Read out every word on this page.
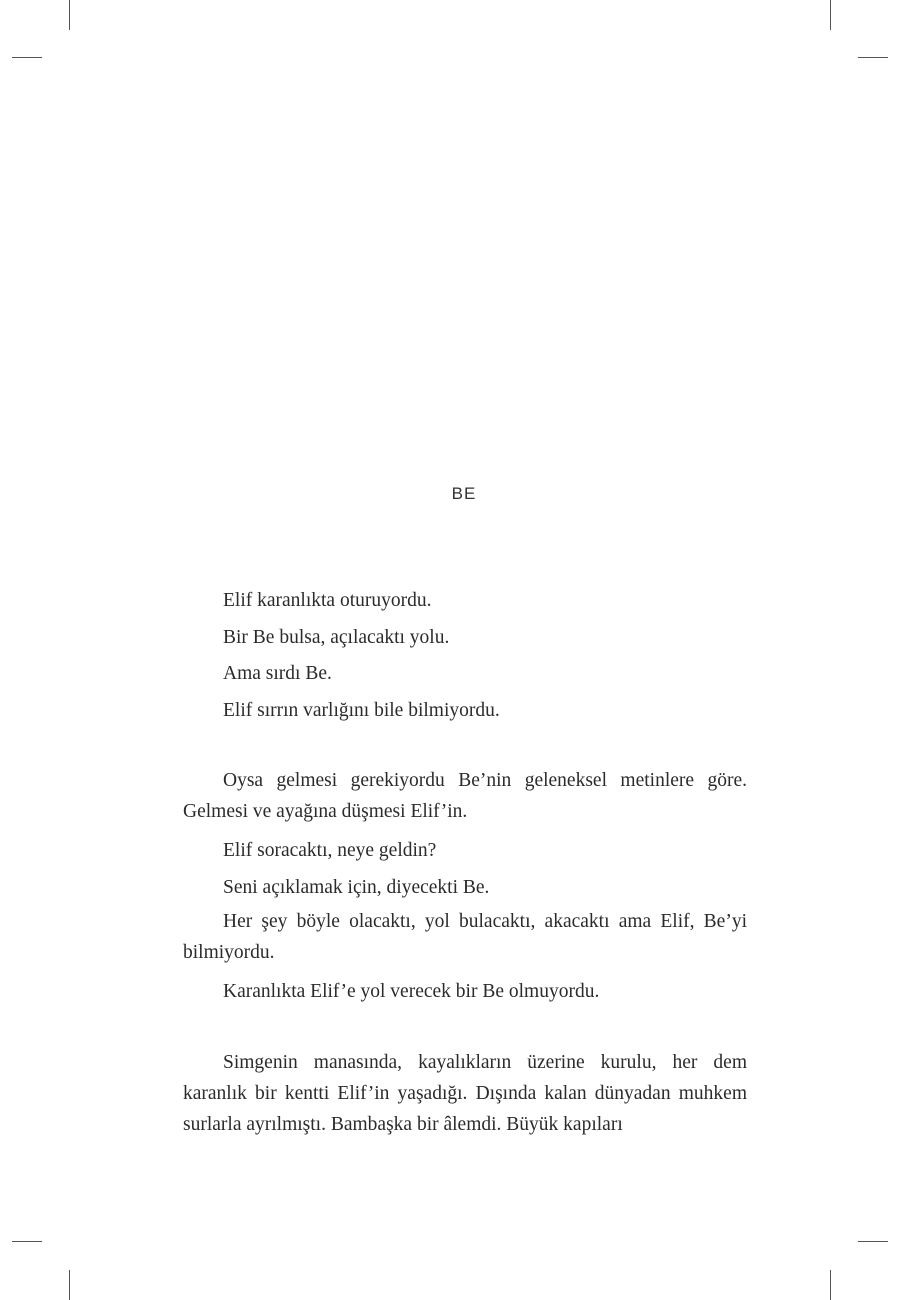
BE

Elif karanlıkta oturuyordu.

Bir Be bulsa, açılacaktı yolu.

Ama sırdı Be.

Elif sırrın varlığını bile bilmiyordu.

Oysa gelmesi gerekiyordu Be’nin geleneksel metinlere göre. Gelmesi ve ayağına düşmesi Elif’in.

Elif soracaktı, neye geldin?

Seni açıklamak için, diyecekti Be.

Her şey böyle olacaktı, yol bulacaktı, akacaktı ama Elif, Be’yi bilmiyordu.

Karanlıkta Elif’e yol verecek bir Be olmuyordu.

Simgenin manasında, kayalıkların üzerine kurulu, her dem karanlık bir kentti Elif’in yaşadığı. Dışında kalan dünyadan muhkem surlarla ayrılmıştı. Bambaşka bir âlemdi. Büyük kapıları
